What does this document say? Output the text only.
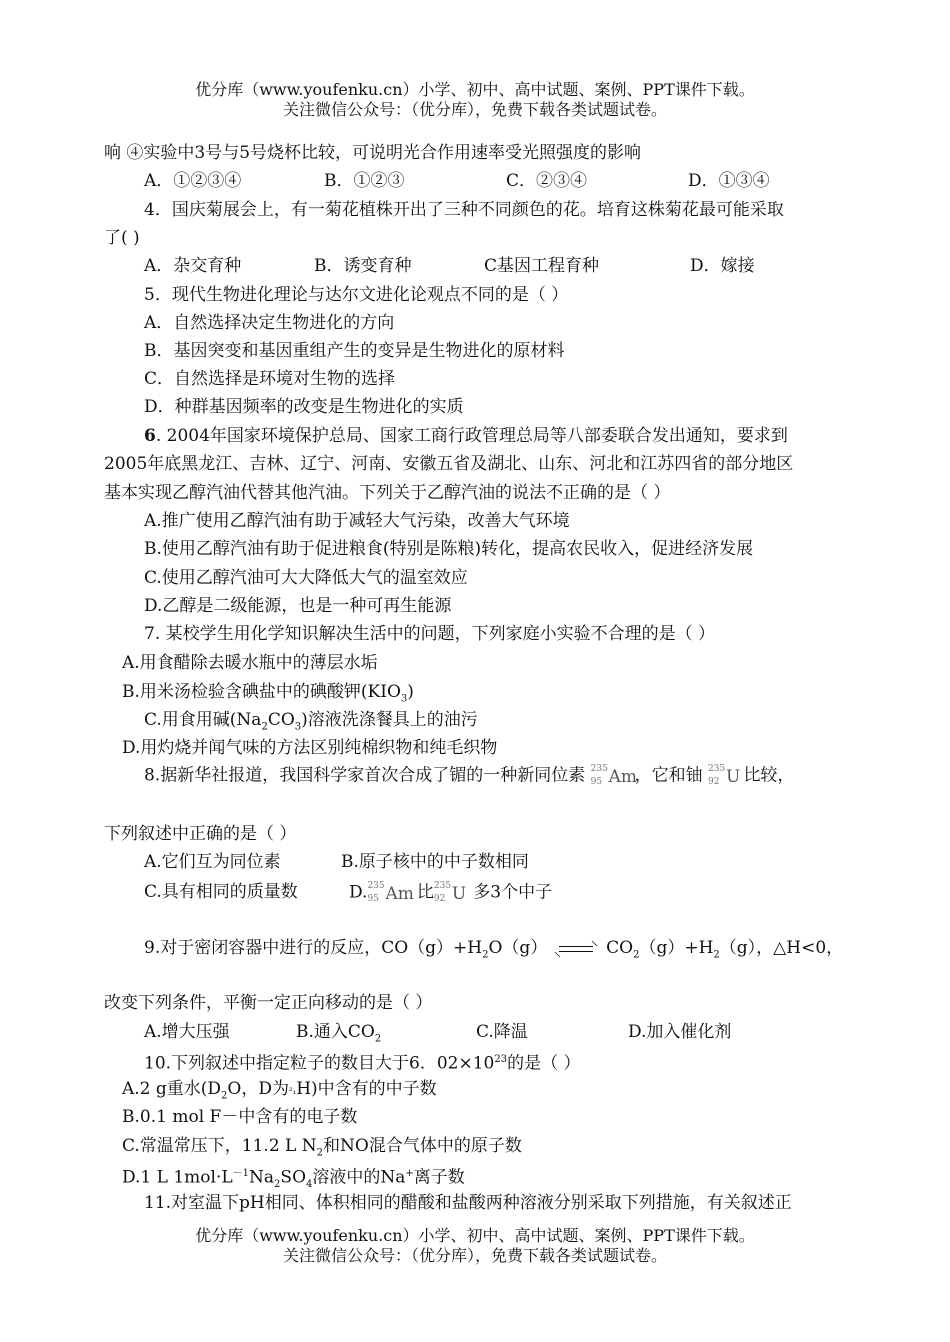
优分库（www.youfenku.cn）小学、初中、高中试题、案例、PPT课件下载。
关注微信公众号：（优分库），免费下载各类试题试卷。
响 ④实验中3号与5号烧杯比较，可说明光合作用速率受光照强度的影响
A．①②③④	B．①②③	C．②③④	D．①③④
4．国庆菊展会上，有一菊花植株开出了三种不同颜色的花。培育这株菊花最可能采取
了( )
A．杂交育种	B．诱变育种	C基因工程育种	D．嫁接
5．现代生物进化理论与达尔文进化论观点不同的是（ ）
A．自然选择决定生物进化的方向
B．基因突变和基因重组产生的变异是生物进化的原材料
C．自然选择是环境对生物的选择
D．种群基因频率的改变是生物进化的实质
6. 2004年国家环境保护总局、国家工商行政管理总局等八部委联合发出通知，要求到
2005年底黑龙江、吉林、辽宁、河南、安徽五省及湖北、山东、河北和江苏四省的部分地区
基本实现乙醇汽油代替其他汽油。下列关于乙醇汽油的说法不正确的是（ ）
A.推广使用乙醇汽油有助于减轻大气污染，改善大气环境
B.使用乙醇汽油有助于促进粮食(特别是陈粮)转化，提高农民收入，促进经济发展
C.使用乙醇汽油可大大降低大气的温室效应
D.乙醇是二级能源，也是一种可再生能源
7. 某校学生用化学知识解决生活中的问题，下列家庭小实验不合理的是（ ）
A.用食醋除去暖水瓶中的薄层水垢
B.用米汤检验含碘盐中的碘酸钾$(KIO_3)$
C.用食用碱$(Na_2CO_3)$溶液洗涤餐具上的油污
D.用灼烧并闻气味的方法区别纯棉织物和纯毛织物
8.据新华社报道，我国科学家首次合成了镅的一种新同位素 235
95 Am
，它和铀 235
92 U 比较，
下列叙述中正确的是（ ）
A.它们互为同位素	B.原子核中的中子数相同
C.具有相同的质量数	D. 235
95 Am 比 235
92 U 多3个中子
9.对于密闭容器中进行的反应，$CO(g)+H_2O(g)$	$CO_2(g)+H_2(g)$，△H<0，
改变下列条件，平衡一定正向移动的是（ ）
A.增大压强	B.通入$CO_2$	C.降温	D.加入催化剂
10.下列叙述中指定粒子的数目大于6．$02\times 10^{23}$的是（ ）
A.2 g重水($D_2O$，D为²₁H)中含有的中子数
B.0.1 mol F－中含有的电子数
C.常温常压下，11.2 L $N_2$和NO混合气体中的原子数
D.1 L $1mol\cdot L^{-1}Na_2SO_4$溶液中的Na+离子数
11.对室温下pH相同、体积相同的醋酸和盐酸两种溶液分别采取下列措施，有关叙述正
优分库（www.youfenku.cn）小学、初中、高中试题、案例、PPT课件下载。
关注微信公众号：（优分库），免费下载各类试题试卷。
